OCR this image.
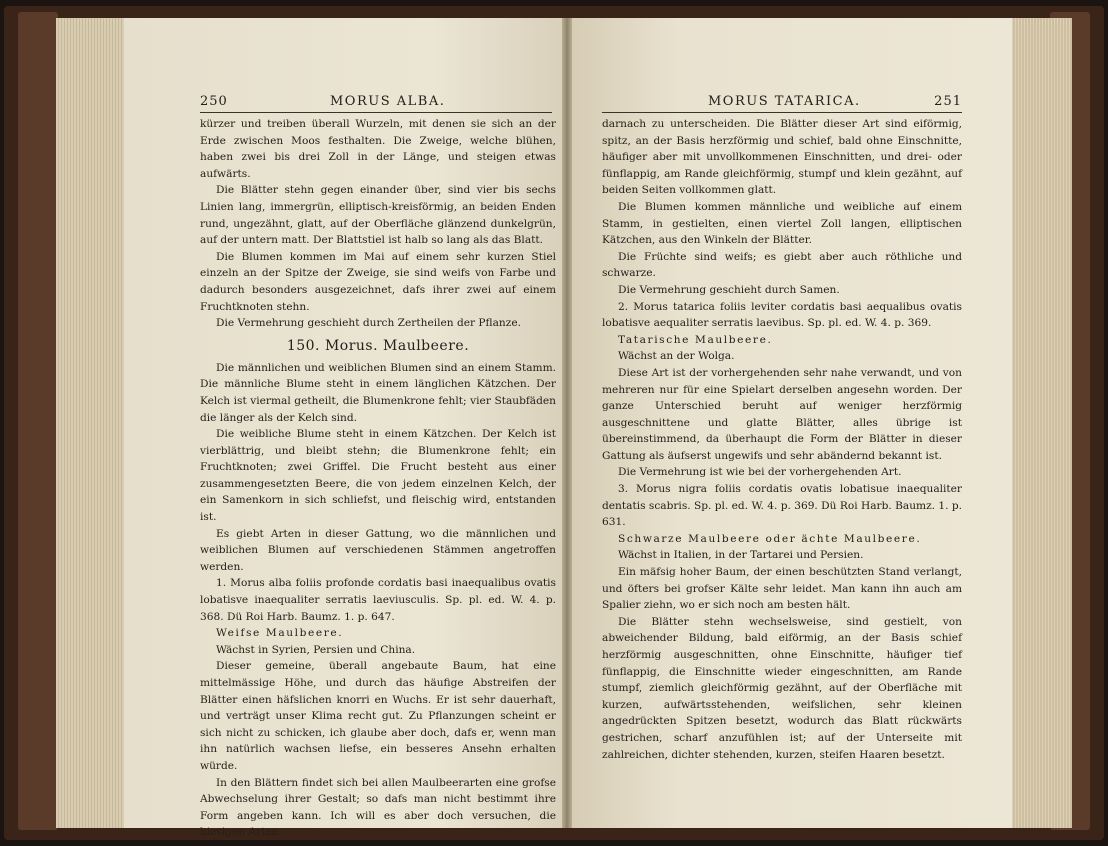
250	MORUS ALBA.

kürzer und treiben überall Wurzeln, mit denen sie sich an der Erde zwischen Moos festhalten. Die Zweige, welche blühen, haben zwei bis drei Zoll in der Länge, und steigen etwas aufwärts.

Die Blätter stehn gegen einander über, sind vier bis sechs Linien lang, immergrün, elliptisch-kreisförmig, an beiden Enden rund, ungezähnt, glatt, auf der Oberfläche glänzend dunkelgrün, auf der untern matt. Der Blattstiel ist halb so lang als das Blatt.

Die Blumen kommen im Mai auf einem sehr kurzen Stiel einzeln an der Spitze der Zweige, sie sind weifs von Farbe und dadurch besonders ausgezeichnet, dafs ihrer zwei auf einem Fruchtknoten stehn.

Die Vermehrung geschieht durch Zertheilen der Pflanze.

150. Morus. Maulbeere.

Die männlichen und weiblichen Blumen sind an einem Stamm. Die männliche Blume steht in einem länglichen Kätzchen. Der Kelch ist viermal getheilt, die Blumenkrone fehlt; vier Staubfäden die länger als der Kelch sind.

Die weibliche Blume steht in einem Kätzchen. Der Kelch ist vierblättrig, und bleibt stehn; die Blumenkrone fehlt; ein Fruchtknoten; zwei Griffel. Die Frucht besteht aus einer zusammengesetzten Beere, die von jedem einzelnen Kelch, der ein Samenkorn in sich schliefst, und fleischig wird, entstanden ist.

Es giebt Arten in dieser Gattung, wo die männlichen und weiblichen Blumen auf verschiedenen Stämmen angetroffen werden.

1. Morus alba foliis profonde cordatis basi inaequalibus ovatis lobatisve inaequaliter serratis laeviusculis. Sp. pl. ed. W. 4. p. 368. Dü Roi Harb. Baumz. 1. p. 647.

Weifse Maulbeere.

Wächst in Syrien, Persien und China.

Dieser gemeine, überall angebaute Baum, hat eine mittelmässige Höhe, und durch das häufige Abstreifen der Blätter einen häfslichen knorri en Wuchs. Er ist sehr dauerhaft, und verträgt unser Klima recht gut. Zu Pflanzungen scheint er sich nicht zu schicken, ich glaube aber doch, dafs er, wenn man ihn natürlich wachsen liefse, ein besseres Ansehn erhalten würde.

In den Blättern findet sich bei allen Maulbeerarten eine grofse Abwechselung ihrer Gestalt; so dafs man nicht bestimmt ihre Form angeben kann. Ich will es aber doch versuchen, die hiesigen Arten

MORUS TATARICA.	251

darnach zu unterscheiden. Die Blätter dieser Art sind eiförmig, spitz, an der Basis herzförmig und schief, bald ohne Einschnitte, häufiger aber mit unvollkommenen Einschnitten, und drei- oder fünflappig, am Rande gleichförmig, stumpf und klein gezähnt, auf beiden Seiten vollkommen glatt.

Die Blumen kommen männliche und weibliche auf einem Stamm, in gestielten, einen viertel Zoll langen, elliptischen Kätzchen, aus den Winkeln der Blätter.

Die Früchte sind weifs; es giebt aber auch röthliche und schwarze.

Die Vermehrung geschieht durch Samen.

2. Morus tatarica foliis leviter cordatis basi aequalibus ovatis lobatisve aequaliter serratis laevibus. Sp. pl. ed. W. 4. p. 369.

Tatarische Maulbeere.

Wächst an der Wolga.

Diese Art ist der vorhergehenden sehr nahe verwandt, und von mehreren nur für eine Spielart derselben angesehn worden. Der ganze Unterschied beruht auf weniger herzförmig ausgeschnittene und glatte Blätter, alles übrige ist übereinstimmend, da überhaupt die Form der Blätter in dieser Gattung als äufserst ungewifs und sehr abändernd bekannt ist.

Die Vermehrung ist wie bei der vorhergehenden Art.

3. Morus nigra foliis cordatis ovatis lobatisue inaequaliter dentatis scabris. Sp. pl. ed. W. 4. p. 369. Dü Roi Harb. Baumz. 1. p. 631.

Schwarze Maulbeere oder ächte Maulbeere.

Wächst in Italien, in der Tartarei und Persien.

Ein mäfsig hoher Baum, der einen beschützten Stand verlangt, und öfters bei grofser Kälte sehr leidet. Man kann ihn auch am Spalier ziehn, wo er sich noch am besten hält.

Die Blätter stehn wechselsweise, sind gestielt, von abweichender Bildung, bald eiförmig, an der Basis schief herzförmig ausgeschnitten, ohne Einschnitte, häufiger tief fünflappig, die Einschnitte wieder eingeschnitten, am Rande stumpf, ziemlich gleichförmig gezähnt, auf der Oberfläche mit kurzen, aufwärtsstehenden, weifslichen, sehr kleinen angedrückten Spitzen besetzt, wodurch das Blatt rückwärts gestrichen, scharf anzufühlen ist; auf der Unterseite mit zahlreichen, dichter stehenden, kurzen, steifen Haaren besetzt.
